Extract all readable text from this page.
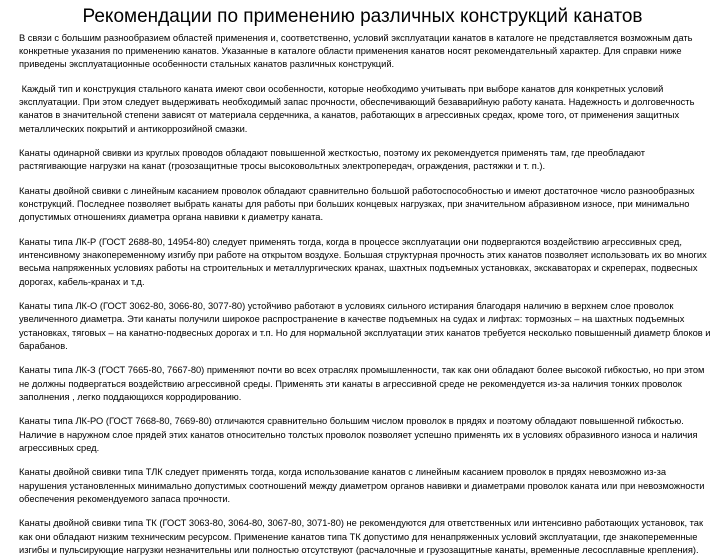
Рекомендации по применению различных конструкций канатов

В связи с большим разнообразием областей применения и, соответственно, условий эксплуатации канатов в каталоге не представляется возможным дать конкретные указания по применению канатов. Указанные в каталоге области применения канатов носят рекомендательный характер. Для справки ниже приведены эксплуатационные особенности стальных канатов различных конструкций.

Каждый тип и конструкция стального каната имеют свои особенности, которые необходимо учитывать при выборе канатов для конкретных условий эксплуатации. При этом следует выдерживать необходимый запас прочности, обеспечивающий безаварийную работу каната. Надежность и долговечность канатов в значительной степени зависят от материала сердечника, а канатов, работающих в агрессивных средах, кроме того, от применения защитных металлических покрытий и антикоррозийной смазки.

Канаты одинарной свивки из круглых проводов обладают повышенной жесткостью, поэтому их рекомендуется применять там, где преобладают растягивающие нагрузки на канат (грозозащитные тросы высоковольтных электропередач, ограждения, растяжки и т. п.).

Канаты двойной свивки с линейным касанием проволок обладают сравнительно большой работоспособностью и имеют достаточное число разнообразных конструкций. Последнее позволяет выбрать канаты для работы при больших концевых нагрузках, при значительном абразивном износе, при минимально допустимых отношениях диаметра органа навивки к диаметру каната.

Канаты типа ЛК-Р (ГОСТ 2688-80, 14954-80) следует применять тогда, когда в процессе эксплуатации они подвергаются воздействию агрессивных сред, интенсивному знакопеременному изгибу при работе на открытом воздухе. Большая структурная прочность этих канатов позволяет использовать их во многих весьма напряженных условиях работы на строительных и металлургических кранах, шахтных подъемных установках, экскаваторах и скреперах, подвесных дорогах, кабель-кранах и т.д.

Канаты типа ЛК-О (ГОСТ 3062-80, 3066-80, 3077-80) устойчиво работают в условиях сильного истирания благодаря наличию в верхнем слое проволок увеличенного диаметра. Эти канаты получили широкое распространение в качестве подъемных на судах и лифтах: тормозных – на шахтных подъемных установках, тяговых – на канатно-подвесных дорогах и т.п. Но для нормальной эксплуатации этих канатов требуется несколько повышенный диаметр блоков и барабанов.

Канаты типа ЛК-З (ГОСТ 7665-80, 7667-80) применяют почти во всех отраслях промышленности, так как они обладают более высокой гибкостью, но при этом не должны подвергаться воздействию агрессивной среды. Применять эти канаты в агрессивной среде не рекомендуется из-за наличия тонких проволок заполнения , легко поддающихся корродированию.

Канаты типа ЛК-РО (ГОСТ 7668-80, 7669-80) отличаются сравнительно большим числом проволок в прядях и поэтому обладают повышенной гибкостью. Наличие в наружном слое прядей этих канатов относительно толстых проволок позволяет успешно применять их в условиях образивного износа и наличия агрессивных сред.

Канаты двойной свивки типа ТЛК следует применять тогда, когда использование канатов с линейным касанием проволок в прядях невозможно из-за нарушения установленных минимально допустимых соотношений между диаметром органов навивки и диаметрами проволок каната или при невозможности обеспечения рекомендуемого запаса прочности.

Канаты двойной свивки типа ТК (ГОСТ 3063-80, 3064-80, 3067-80, 3071-80) не рекомендуются для ответственных или интенсивно работающих установок, так как они обладают низким техническим ресурсом. Применение канатов типа ТК допустимо для ненапряженных условий эксплуатации, где знакопеременные изгибы и пульсирующие нагрузки незначительны или полностью отсутствуют (расчалочные и грузозащитные канаты, временные лесосплавные крепления).
